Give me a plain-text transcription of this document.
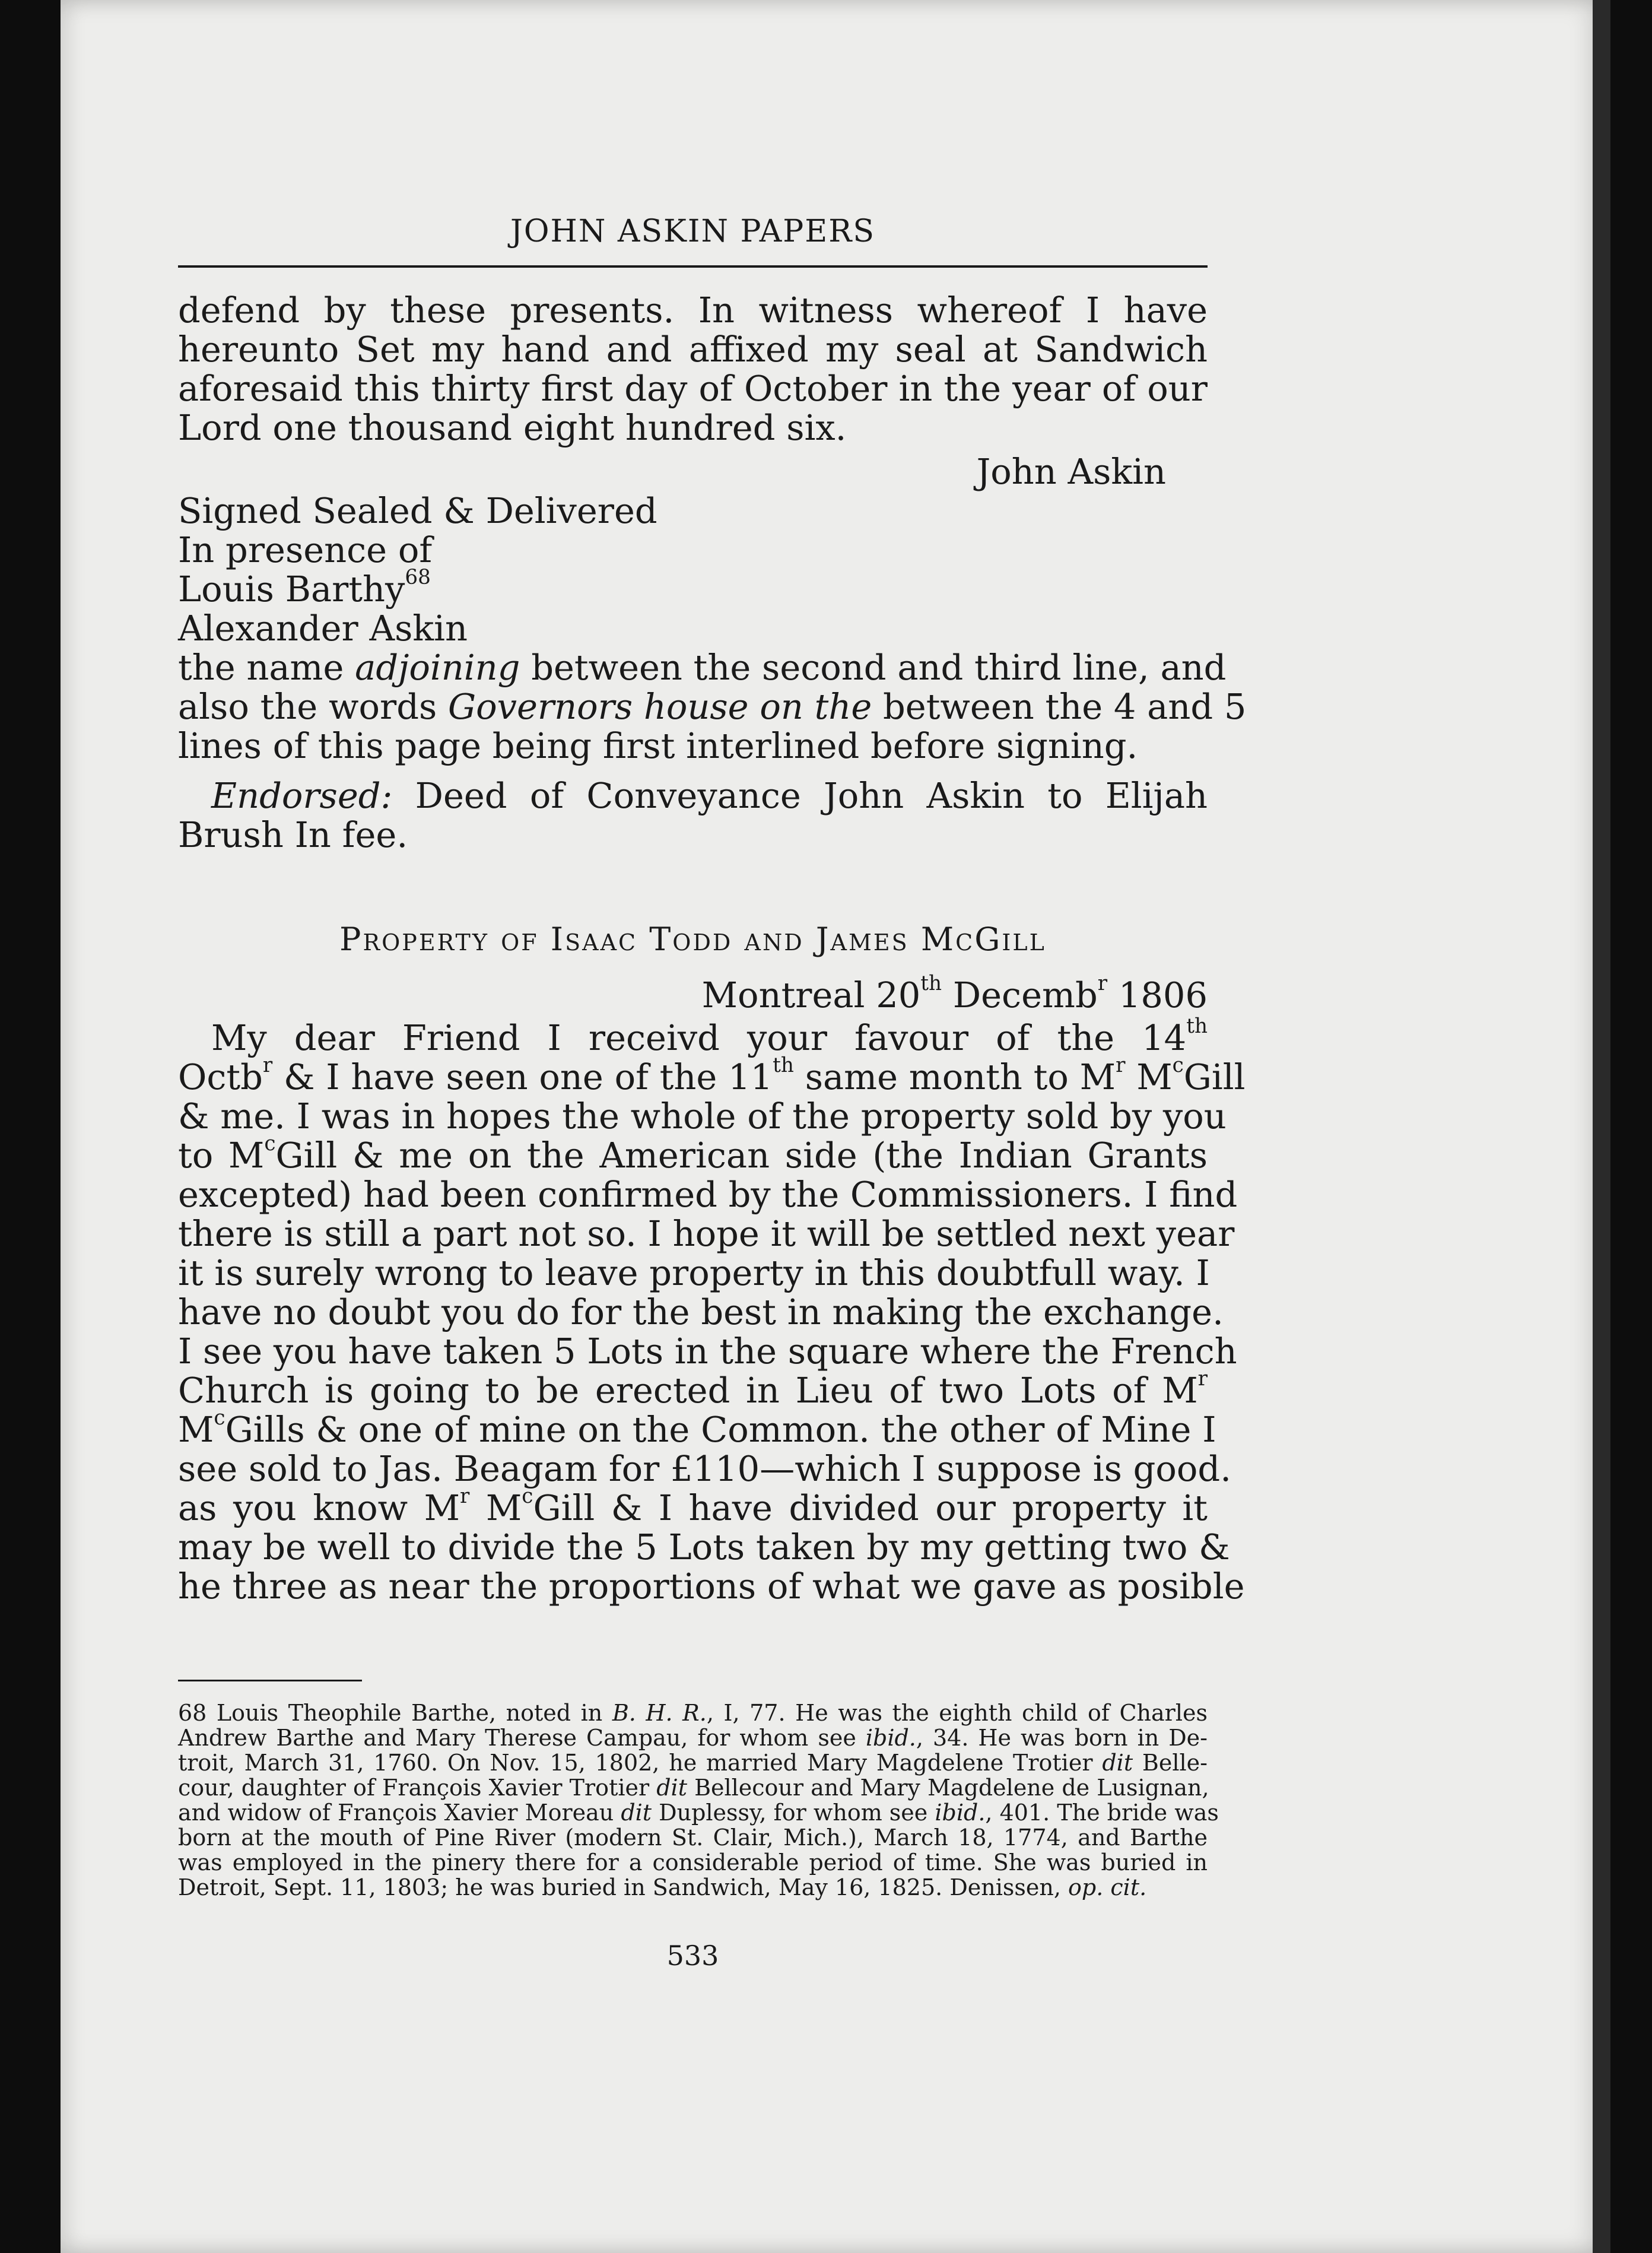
JOHN ASKIN PAPERS
defend by these presents. In witness whereof I have
hereunto Set my hand and affixed my seal at Sandwich
aforesaid this thirty first day of October in the year of our
Lord one thousand eight hundred six.
John Askin
Signed Sealed & Delivered
In presence of
Louis Barthy$^{68}$
Alexander Askin
the name adjoining between the second and third line, and
also the words Governors house on the between the 4 and 5
lines of this page being first interlined before signing.
Endorsed: Deed of Conveyance John Askin to Elijah
Brush In fee.
Property of Isaac Todd and James McGill
Montreal 20th Decemb$^r$ 1806
My dear Friend I receivd your favour of the 14th
Octb$^r$ & I have seen one of the 11th same month to $M^r$ $M^cGill$
& me. I was in hopes the whole of the property sold by you
to $M^cGill$ & me on the American side (the Indian Grants
excepted) had been confirmed by the Commissioners. I find
there is still a part not so. I hope it will be settled next year
it is surely wrong to leave property in this doubtfull way. I
have no doubt you do for the best in making the exchange.
I see you have taken 5 Lots in the square where the French
Church is going to be erected in Lieu of two Lots of $M^r$
$M^cGills$ & one of mine on the Common. the other of Mine I
see sold to Jas. Beagam for £110—which I suppose is good.
as you know $M^r$ $M^cGill$ & I have divided our property it
may be well to divide the 5 Lots taken by my getting two &
he three as near the proportions of what we gave as posible
68 Louis Theophile Barthe, noted in B. H. R., I, 77. He was the eighth child of Charles
Andrew Barthe and Mary Therese Campau, for whom see ibid., 34. He was born in De-
troit, March 31, 1760. On Nov. 15, 1802, he married Mary Magdelene Trotier dit Belle-
cour, daughter of François Xavier Trotier dit Bellecour and Mary Magdelene de Lusignan,
and widow of François Xavier Moreau dit Duplessy, for whom see ibid., 401. The bride was
born at the mouth of Pine River (modern St. Clair, Mich.), March 18, 1774, and Barthe
was employed in the pinery there for a considerable period of time. She was buried in
Detroit, Sept. 11, 1803; he was buried in Sandwich, May 16, 1825. Denissen, op. cit.
533
